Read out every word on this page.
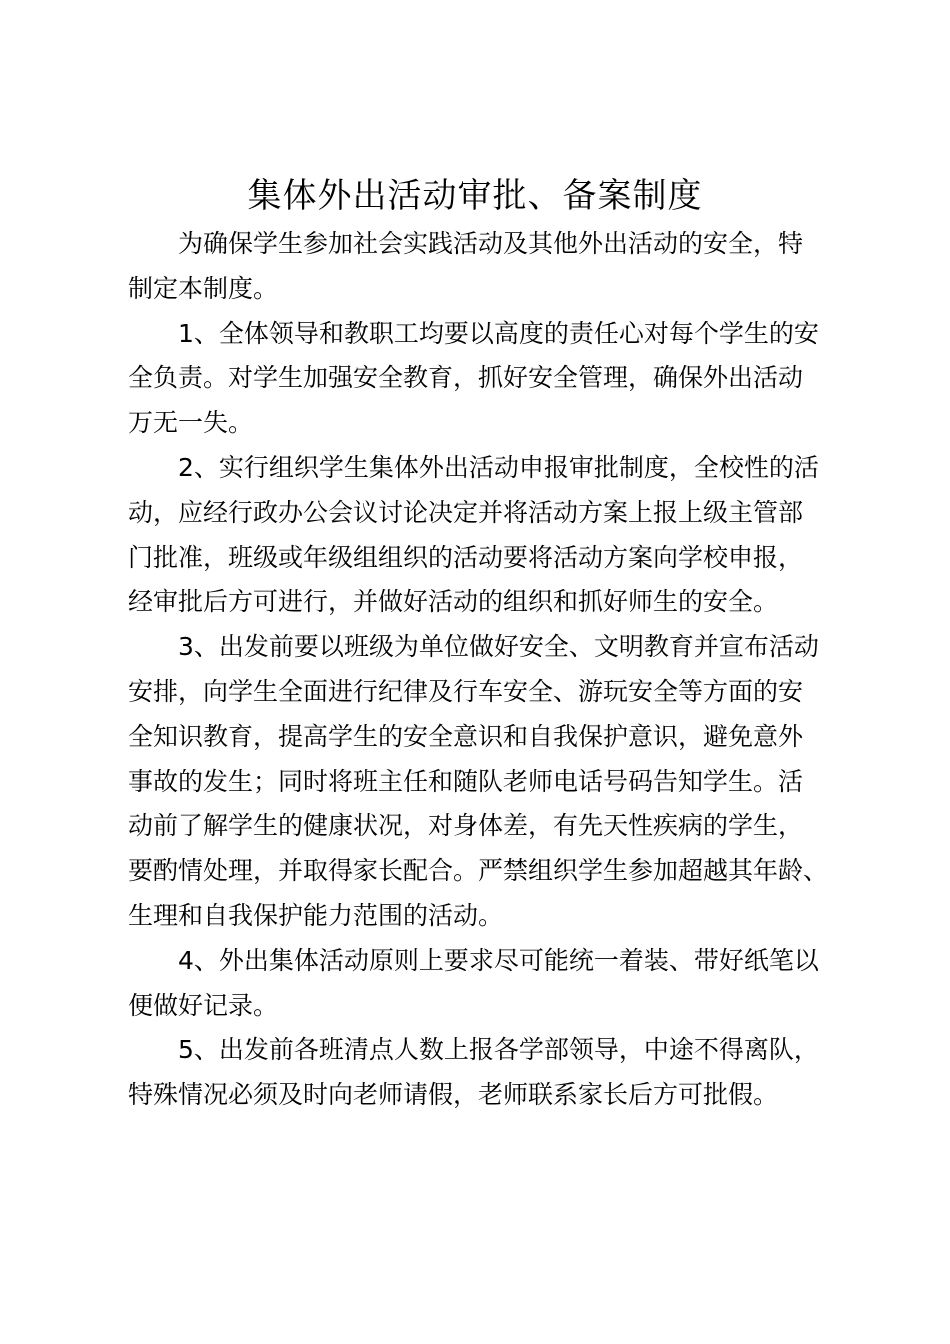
集体外出活动审批、备案制度

为确保学生参加社会实践活动及其他外出活动的安全，特
制定本制度。

1、全体领导和教职工均要以高度的责任心对每个学生的安
全负责。对学生加强安全教育，抓好安全管理，确保外出活动
万无一失。

2、实行组织学生集体外出活动申报审批制度，全校性的活
动，应经行政办公会议讨论决定并将活动方案上报上级主管部
门批准，班级或年级组组织的活动要将活动方案向学校申报，
经审批后方可进行，并做好活动的组织和抓好师生的安全。

3、出发前要以班级为单位做好安全、文明教育并宣布活动
安排，向学生全面进行纪律及行车安全、游玩安全等方面的安
全知识教育，提高学生的安全意识和自我保护意识，避免意外
事故的发生；同时将班主任和随队老师电话号码告知学生。活
动前了解学生的健康状况，对身体差，有先天性疾病的学生，
要酌情处理，并取得家长配合。严禁组织学生参加超越其年龄、
生理和自我保护能力范围的活动。

4、外出集体活动原则上要求尽可能统一着装、带好纸笔以
便做好记录。

5、出发前各班清点人数上报各学部领导，中途不得离队，
特殊情况必须及时向老师请假，老师联系家长后方可批假。
